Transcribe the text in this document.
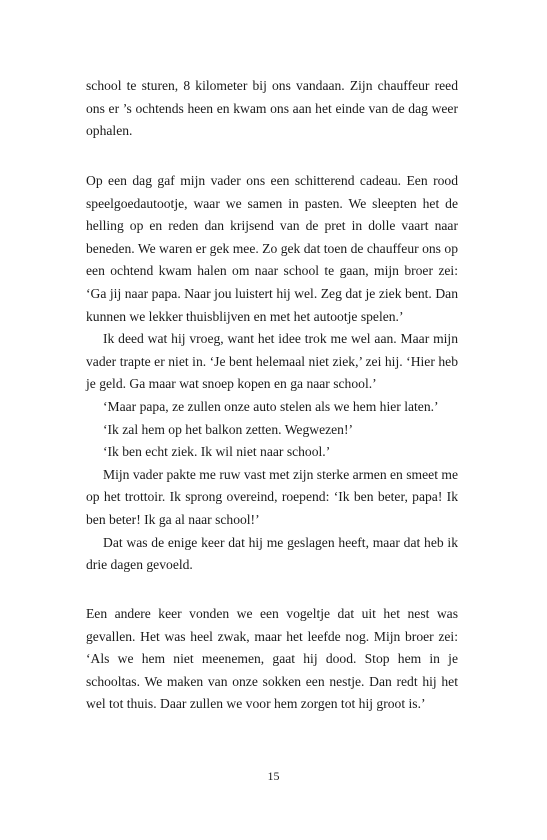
school te sturen, 8 kilometer bij ons vandaan. Zijn chauffeur reed ons er ’s ochtends heen en kwam ons aan het einde van de dag weer ophalen.

Op een dag gaf mijn vader ons een schitterend cadeau. Een rood speelgoedautootje, waar we samen in pasten. We sleepten het de helling op en reden dan krijsend van de pret in dolle vaart naar beneden. We waren er gek mee. Zo gek dat toen de chauffeur ons op een ochtend kwam halen om naar school te gaan, mijn broer zei: ‘Ga jij naar papa. Naar jou luistert hij wel. Zeg dat je ziek bent. Dan kunnen we lekker thuisblijven en met het autootje spelen.’

Ik deed wat hij vroeg, want het idee trok me wel aan. Maar mijn vader trapte er niet in. ‘Je bent helemaal niet ziek,’ zei hij. ‘Hier heb je geld. Ga maar wat snoep kopen en ga naar school.’

‘Maar papa, ze zullen onze auto stelen als we hem hier laten.’

‘Ik zal hem op het balkon zetten. Wegwezen!’

‘Ik ben echt ziek. Ik wil niet naar school.’

Mijn vader pakte me ruw vast met zijn sterke armen en smeet me op het trottoir. Ik sprong overeind, roepend: ‘Ik ben beter, papa! Ik ben beter! Ik ga al naar school!’

Dat was de enige keer dat hij me geslagen heeft, maar dat heb ik drie dagen gevoeld.

Een andere keer vonden we een vogeltje dat uit het nest was gevallen. Het was heel zwak, maar het leefde nog. Mijn broer zei: ‘Als we hem niet meenemen, gaat hij dood. Stop hem in je schooltas. We maken van onze sokken een nestje. Dan redt hij het wel tot thuis. Daar zullen we voor hem zorgen tot hij groot is.’

15
